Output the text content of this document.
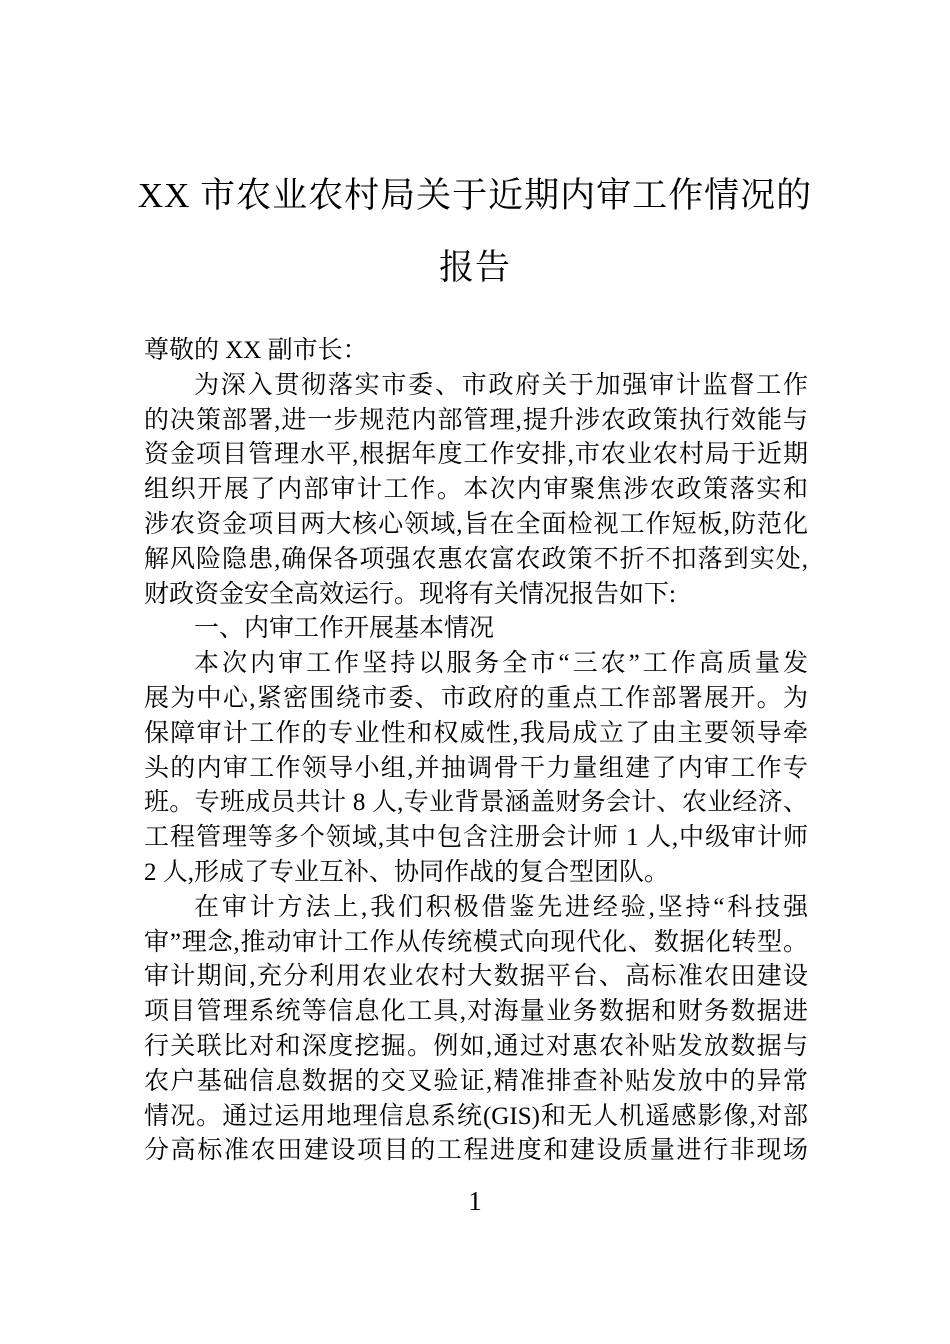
XX 市农业农村局关于近期内审工作情况的
报告
尊敬的 XX 副市长：
为深入贯彻落实市委、市政府关于加强审计监督工作
的决策部署,进一步规范内部管理,提升涉农政策执行效能与
资金项目管理水平,根据年度工作安排,市农业农村局于近期
组织开展了内部审计工作。本次内审聚焦涉农政策落实和
涉农资金项目两大核心领域,旨在全面检视工作短板,防范化
解风险隐患,确保各项强农惠农富农政策不折不扣落到实处,
财政资金安全高效运行。现将有关情况报告如下:
一、内审工作开展基本情况
本次内审工作坚持以服务全市“三农”工作高质量发
展为中心,紧密围绕市委、市政府的重点工作部署展开。为
保障审计工作的专业性和权威性,我局成立了由主要领导牵
头的内审工作领导小组,并抽调骨干力量组建了内审工作专
班。专班成员共计 8 人,专业背景涵盖财务会计、农业经济、
工程管理等多个领域,其中包含注册会计师 1 人,中级审计师
2 人,形成了专业互补、协同作战的复合型团队。
在审计方法上,我们积极借鉴先进经验,坚持“科技强
审”理念,推动审计工作从传统模式向现代化、数据化转型。
审计期间,充分利用农业农村大数据平台、高标准农田建设
项目管理系统等信息化工具,对海量业务数据和财务数据进
行关联比对和深度挖掘。例如,通过对惠农补贴发放数据与
农户基础信息数据的交叉验证,精准排查补贴发放中的异常
情况。通过运用地理信息系统(GIS)和无人机遥感影像,对部
分高标准农田建设项目的工程进度和建设质量进行非现场
1
